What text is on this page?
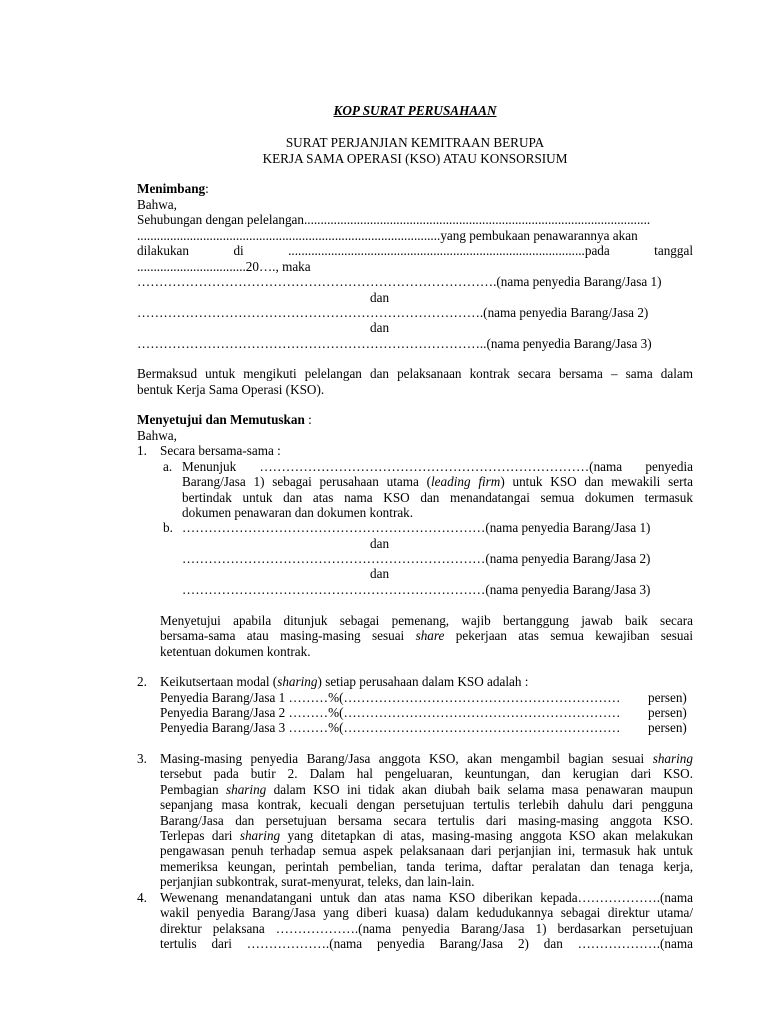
KOP SURAT PERUSAHAAN
SURAT PERJANJIAN KEMITRAAN BERUPA
KERJA SAMA OPERASI (KSO) ATAU KONSORSIUM
Menimbang:
Bahwa,
Sehubungan dengan pelelangan.........................................................................................................
............................................................................................yang pembukaan penawarannya akan
dilakukan	di	..........................................................................................pada	tanggal
.................................20…., maka
……………………………………………………………………….(nama penyedia Barang/Jasa 1)
dan
…………………………………………………………………….(nama penyedia Barang/Jasa 2)
dan
……………………………………………………………………..(nama penyedia Barang/Jasa 3)
Bermaksud untuk mengikuti pelelangan dan pelaksanaan kontrak secara bersama – sama dalam
bentuk Kerja Sama Operasi (KSO).
Menyetujui dan Memutuskan :
Bahwa,
1. Secara bersama-sama :
a. Menunjuk …………………………………………………………………(nama penyedia
Barang/Jasa 1) sebagai perusahaan utama (leading firm) untuk KSO dan mewakili serta
bertindak untuk dan atas nama KSO dan menandatangai semua dokumen termasuk
dokumen penawaran dan dokumen kontrak.
b. ……………………………………………………………(nama penyedia Barang/Jasa 1)
dan
……………………………………………………………(nama penyedia Barang/Jasa 2)
dan
……………………………………………………………(nama penyedia Barang/Jasa 3)
Menyetujui apabila ditunjuk sebagai pemenang, wajib bertanggung jawab baik secara
bersama-sama atau masing-masing sesuai share pekerjaan atas semua kewajiban sesuai
ketentuan dokumen kontrak.
2. Keikutsertaan modal (sharing) setiap perusahaan dalam KSO adalah :
Penyedia Barang/Jasa 1 ………%(………………………………………………………	persen)
Penyedia Barang/Jasa 2 ………%(………………………………………………………	persen)
Penyedia Barang/Jasa 3 ………%(………………………………………………………	persen)
3. Masing-masing penyedia Barang/Jasa anggota KSO, akan mengambil bagian sesuai sharing
tersebut pada butir 2. Dalam hal pengeluaran, keuntungan, dan kerugian dari KSO.
Pembagian sharing dalam KSO ini tidak akan diubah baik selama masa penawaran maupun
sepanjang masa kontrak, kecuali dengan persetujuan tertulis terlebih dahulu dari pengguna
Barang/Jasa dan persetujuan bersama secara tertulis dari masing-masing anggota KSO.
Terlepas dari sharing yang ditetapkan di atas, masing-masing anggota KSO akan melakukan
pengawasan penuh terhadap semua aspek pelaksanaan dari perjanjian ini, termasuk hak untuk
memeriksa keungan, perintah pembelian, tanda terima, daftar peralatan dan tenaga kerja,
perjanjian subkontrak, surat-menyurat, teleks, dan lain-lain.
4. Wewenang menandatangani untuk dan atas nama KSO diberikan kepada……………….(nama
wakil penyedia Barang/Jasa yang diberi kuasa) dalam kedudukannya sebagai direktur utama/
direktur pelaksana ……………….(nama penyedia Barang/Jasa 1) berdasarkan persetujuan
tertulis dari ……………….(nama penyedia Barang/Jasa 2) dan ……………….(nama
